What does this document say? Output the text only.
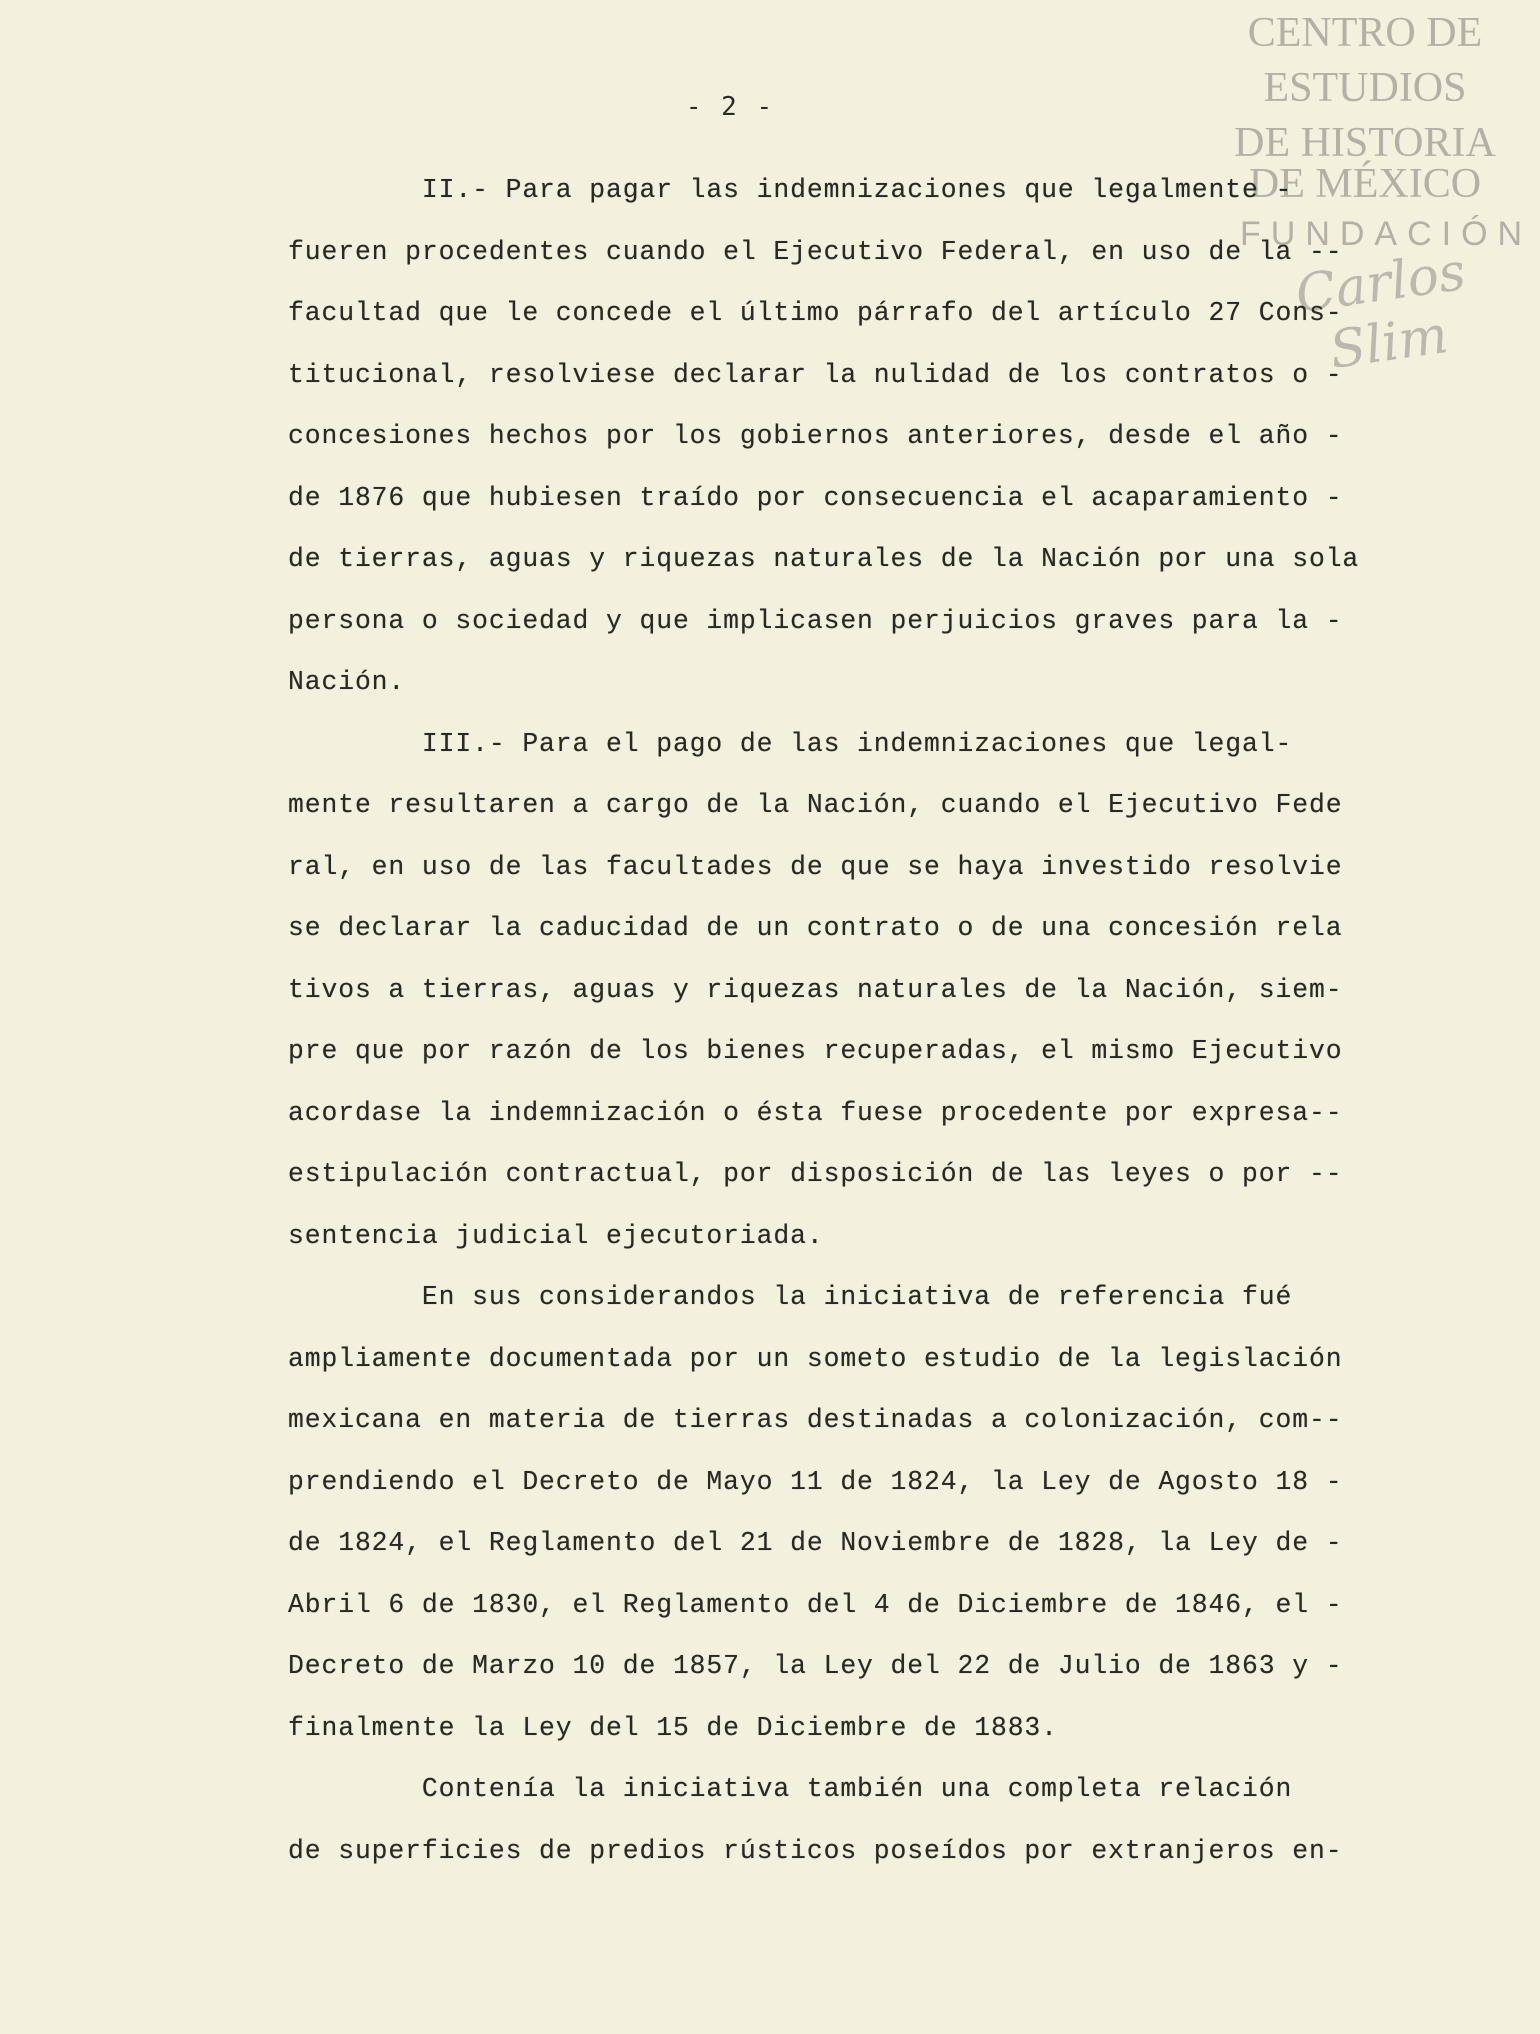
CENTRO DE
ESTUDIOS
DE HISTORIA
DE MÉXICO
FUNDACIÓN
Carlos Slim
- 2 -
II.- Para pagar las indemnizaciones que legalmente -
fueren procedentes cuando el Ejecutivo Federal, en uso de la --
facultad que le concede el último párrafo del artículo 27 Cons-
titucional, resolviese declarar la nulidad de los contratos o -
concesiones hechos por los gobiernos anteriores, desde el año -
de 1876 que hubiesen traído por consecuencia el acaparamiento -
de tierras, aguas y riquezas naturales de la Nación por una sola
persona o sociedad y que implicasen perjuicios graves para la -
Nación.
III.- Para el pago de las indemnizaciones que legal-
mente resultaren a cargo de la Nación, cuando el Ejecutivo Fede
ral, en uso de las facultades de que se haya investido resolvie
se declarar la caducidad de un contrato o de una concesión rela
tivos a tierras, aguas y riquezas naturales de la Nación, siem-
pre que por razón de los bienes recuperadas, el mismo Ejecutivo
acordase la indemnización o ésta fuese procedente por expresa--
estipulación contractual, por disposición de las leyes o por --
sentencia judicial ejecutoriada.
En sus considerandos la iniciativa de referencia fué
ampliamente documentada por un someto estudio de la legislación
mexicana en materia de tierras destinadas a colonización, com--
prendiendo el Decreto de Mayo 11 de 1824, la Ley de Agosto 18 -
de 1824, el Reglamento del 21 de Noviembre de 1828, la Ley de -
Abril 6 de 1830, el Reglamento del 4 de Diciembre de 1846, el -
Decreto de Marzo 10 de 1857, la Ley del 22 de Julio de 1863 y -
finalmente la Ley del 15 de Diciembre de 1883.
Contenía la iniciativa también una completa relación
de superficies de predios rústicos poseídos por extranjeros en-
